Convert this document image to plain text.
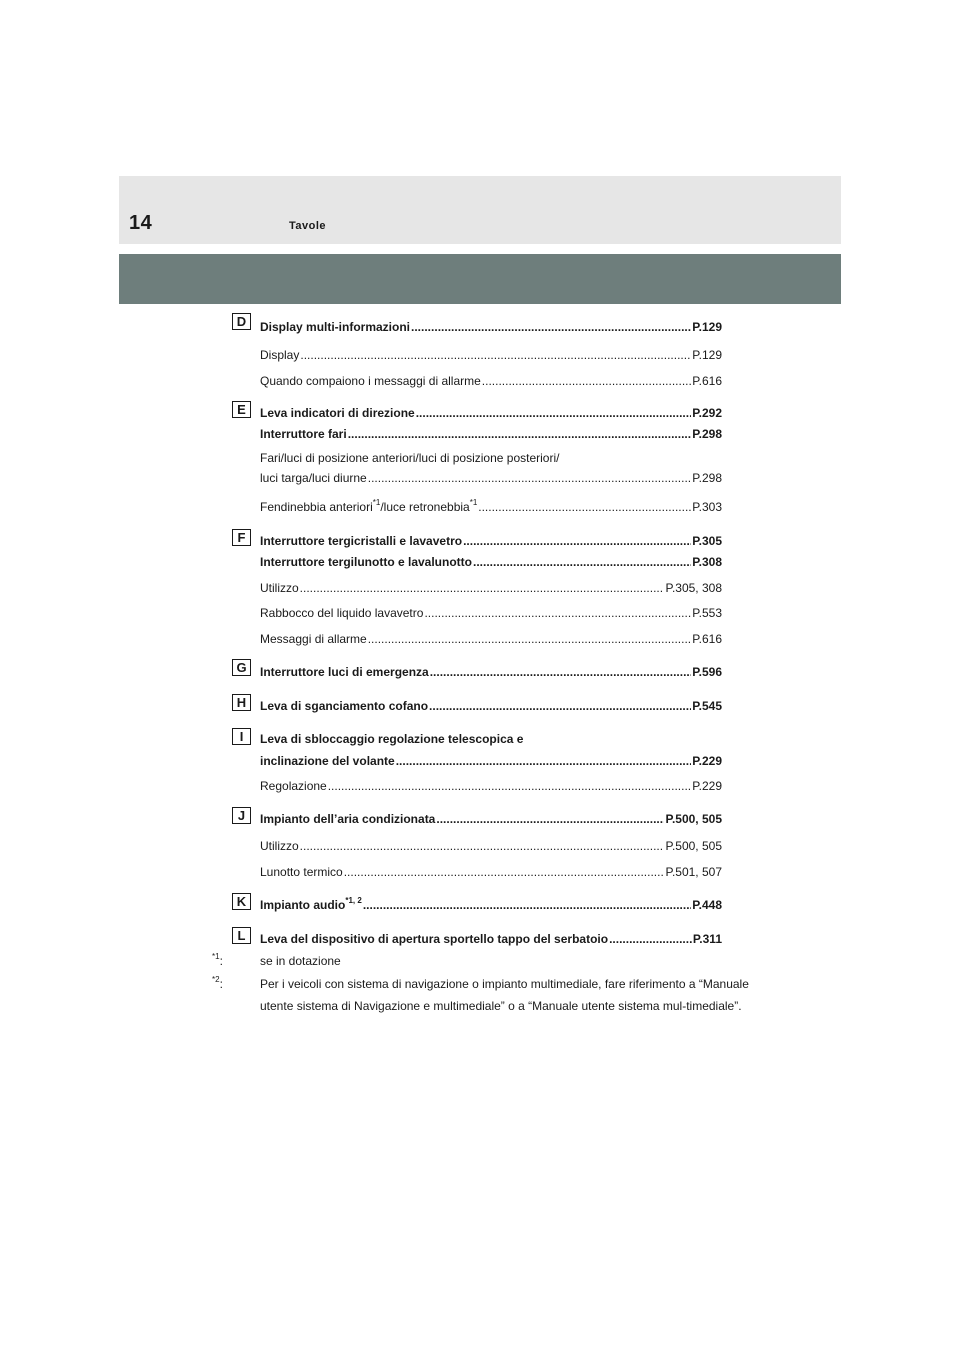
14	Tavole
D	Display multi-informazioni .....	P.129
Display .....	P.129
Quando compaiono i messaggi di allarme .....	P.616
E	Leva indicatori di direzione .....	P.292
Interruttore fari .....	P.298
Fari/luci di posizione anteriori/luci di posizione posteriori/
luci targa/luci diurne .....	P.298
Fendinebbia anteriori$^{*1}$/luce retronebbia$^{*1}$ .....	P.303
F	Interruttore tergicristalli e lavavetro .....	P.305
Interruttore tergilunotto e lavalunotto .....	P.308
Utilizzo .....	P.305, 308
Rabbocco del liquido lavavetro .....	P.553
Messaggi di allarme .....	P.616
G	Interruttore luci di emergenza .....	P.596
H	Leva di sganciamento cofano .....	P.545
I	Leva di sbloccaggio regolazione telescopica e
inclinazione del volante .....	P.229
Regolazione .....	P.229
J	Impianto dell’aria condizionata .....	P.500, 505
Utilizzo .....	P.500, 505
Lunotto termico .....	P.501, 507
K	Impianto audio$^{*1, 2}$ .....	P.448
L	Leva del dispositivo di apertura sportello tappo del serbatoio .....	P.311
$^{*1}$:	se in dotazione
$^{*2}$:	Per i veicoli con sistema di navigazione o impianto multimediale, fare riferimento a “Manuale utente sistema di Navigazione e multimediale” o a “Manuale utente sistema mul-timediale”.
